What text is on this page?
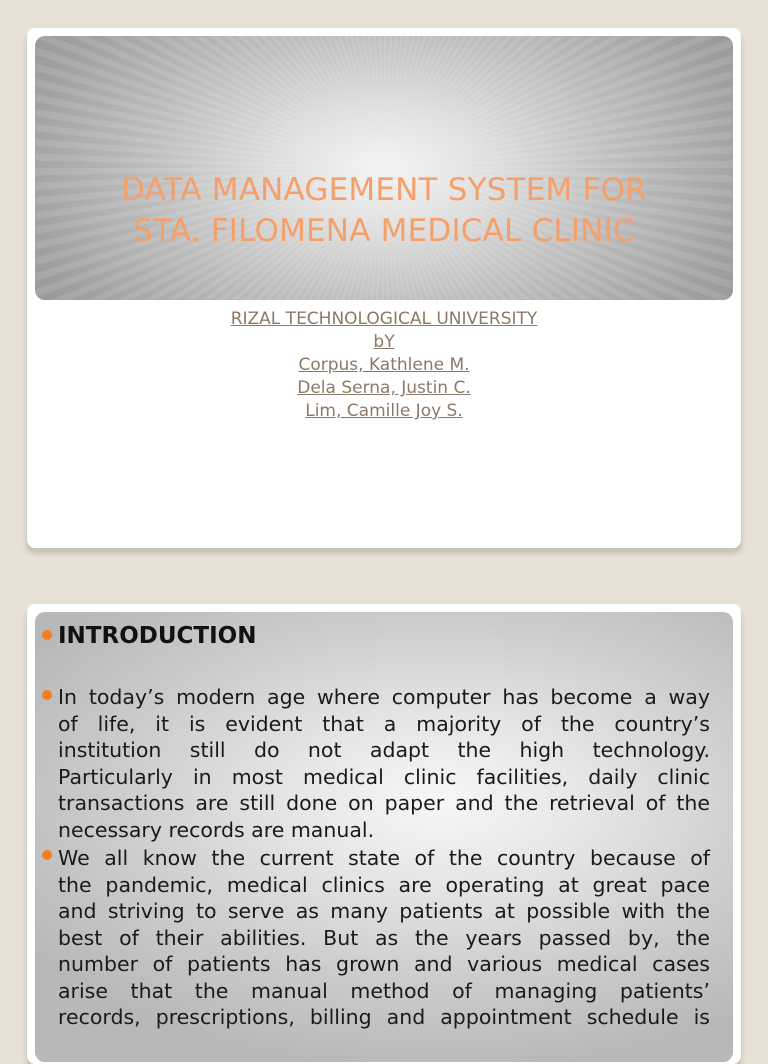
DATA MANAGEMENT SYSTEM FOR
STA. FILOMENA MEDICAL CLINIC
RIZAL TECHNOLOGICAL UNIVERSITY
bY
Corpus, Kathlene M.
Dela Serna, Justin C.
Lim, Camille Joy S.
INTRODUCTION
In today’s modern age where computer has become a way
of life, it is evident that a majority of the country’s
institution still do not adapt the high technology.
Particularly in most medical clinic facilities, daily clinic
transactions are still done on paper and the retrieval of the
necessary records are manual.
We all know the current state of the country because of
the pandemic, medical clinics are operating at great pace
and striving to serve as many patients at possible with the
best of their abilities. But as the years passed by, the
number of patients has grown and various medical cases
arise that the manual method of managing patients’
records, prescriptions, billing and appointment schedule is
